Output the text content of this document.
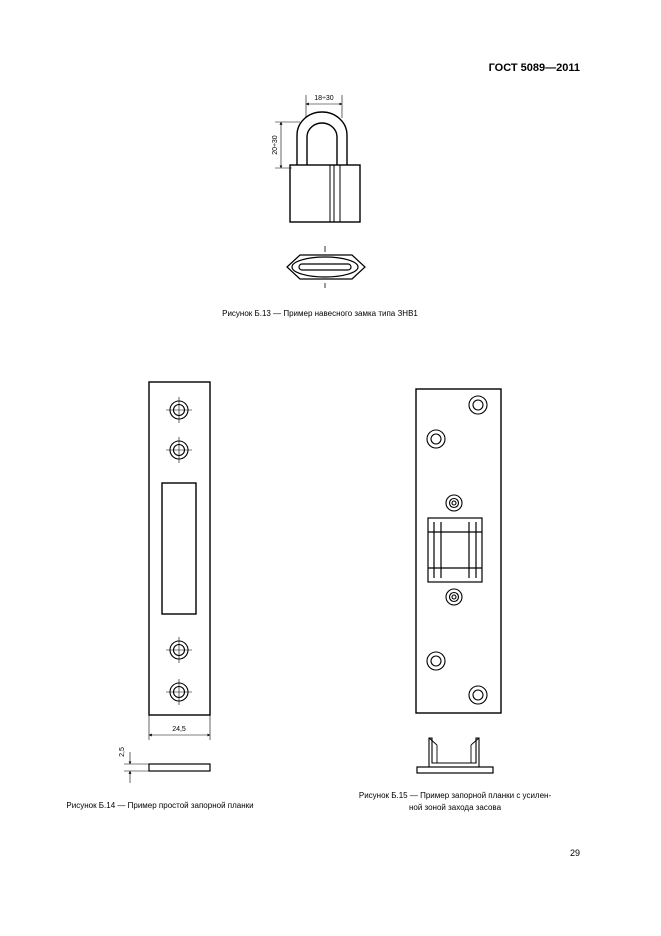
ГОСТ 5089—2011
18÷30
20÷30
24,5
2,5
Рисунок Б.13 — Пример навесного замка типа ЗНВ1
Рисунок Б.14 — Пример простой запорной планки
Рисунок Б.15 — Пример запорной планки с усилен-
ной зоной захода засова
29
